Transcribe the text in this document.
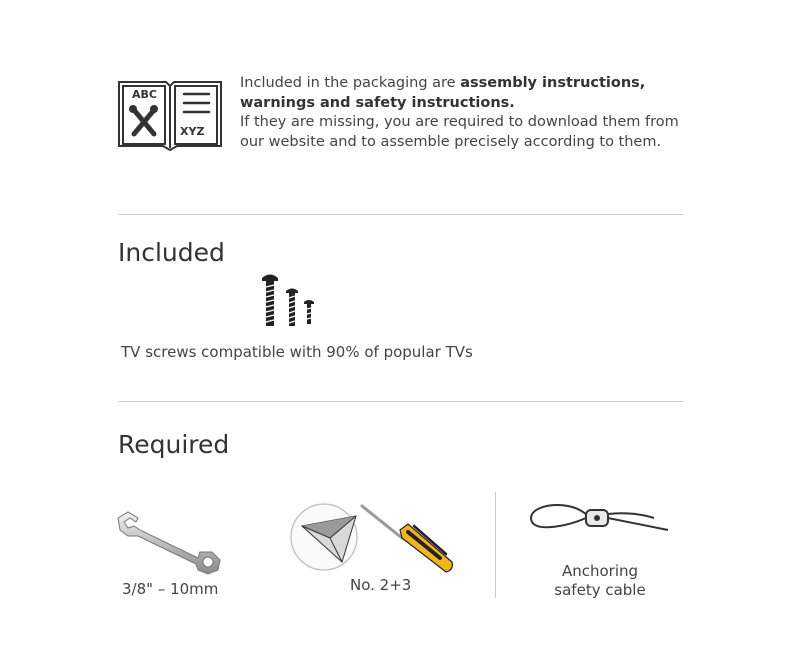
ABC
XYZ
Included in the packaging are assembly instructions,
warnings and safety instructions.
If they are missing, you are required to download them from
our website and to assemble precisely according to them.
Included
TV screws compatible with 90% of popular TVs
Required
3/8" – 10mm	No. 2+3
Anchoring
safety cable
